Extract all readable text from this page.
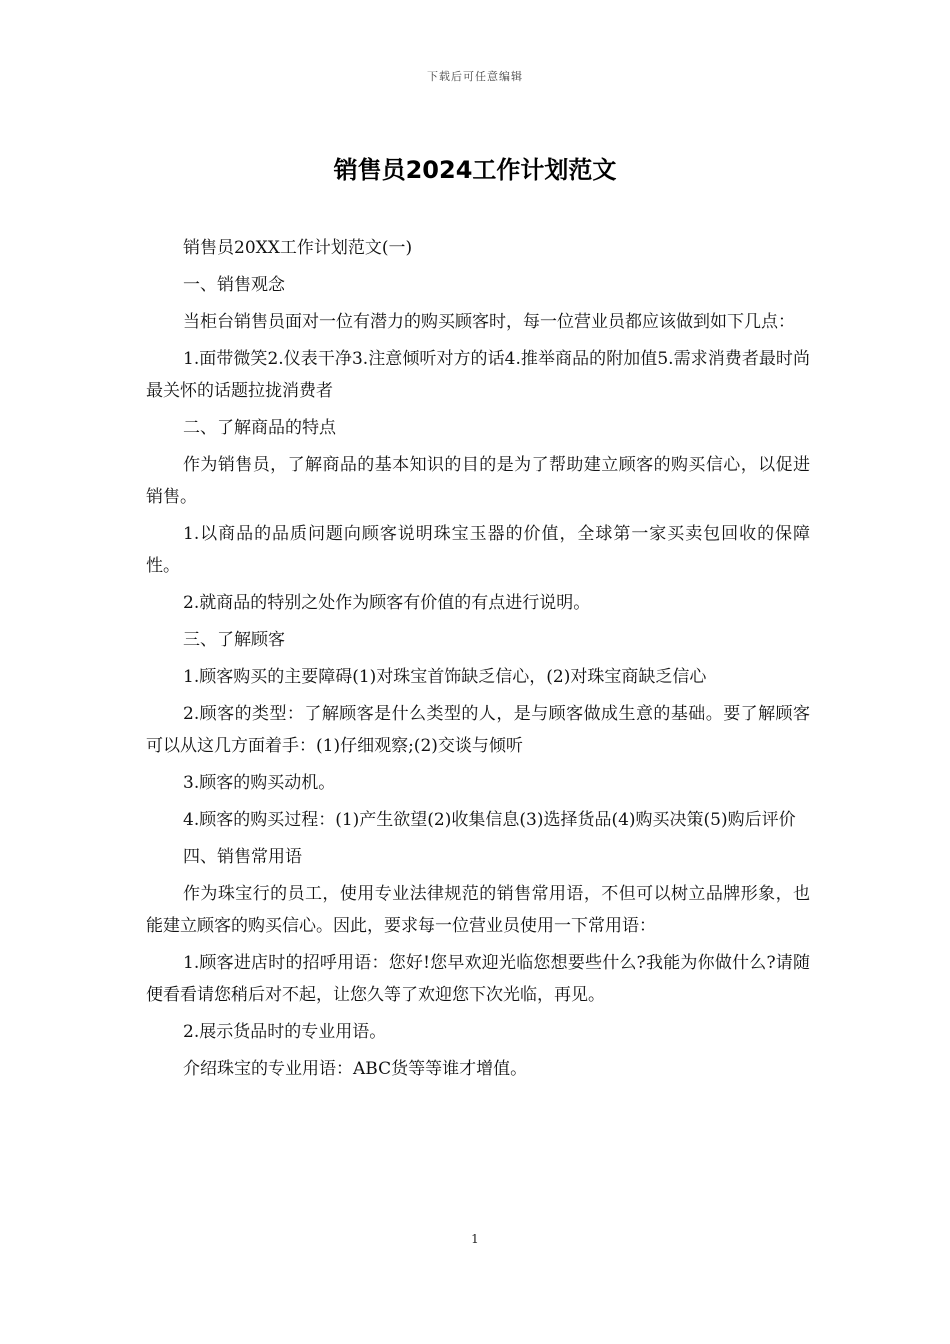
下载后可任意编辑
销售员2024工作计划范文

销售员20XX工作计划范文(一)

一、销售观念

当柜台销售员面对一位有潜力的购买顾客时，每一位营业员都应该做到如下几点：

1.面带微笑2.仪表干净3.注意倾听对方的话4.推举商品的附加值5.需求消费者最时尚最关怀的话题拉拢消费者

二、了解商品的特点

作为销售员，了解商品的基本知识的目的是为了帮助建立顾客的购买信心，以促进销售。

1.以商品的品质问题向顾客说明珠宝玉器的价值，全球第一家买卖包回收的保障性。

2.就商品的特别之处作为顾客有价值的有点进行说明。

三、了解顾客

1.顾客购买的主要障碍(1)对珠宝首饰缺乏信心，(2)对珠宝商缺乏信心

2.顾客的类型：了解顾客是什么类型的人，是与顾客做成生意的基础。要了解顾客可以从这几方面着手：(1)仔细观察;(2)交谈与倾听

3.顾客的购买动机。

4.顾客的购买过程：(1)产生欲望(2)收集信息(3)选择货品(4)购买决策(5)购后评价

四、销售常用语

作为珠宝行的员工，使用专业法律规范的销售常用语，不但可以树立品牌形象，也能建立顾客的购买信心。因此，要求每一位营业员使用一下常用语：

1.顾客进店时的招呼用语：您好!您早欢迎光临您想要些什么?我能为你做什么?请随便看看请您稍后对不起，让您久等了欢迎您下次光临，再见。

2.展示货品时的专业用语。

介绍珠宝的专业用语：ABC货等等谁才增值。

1
